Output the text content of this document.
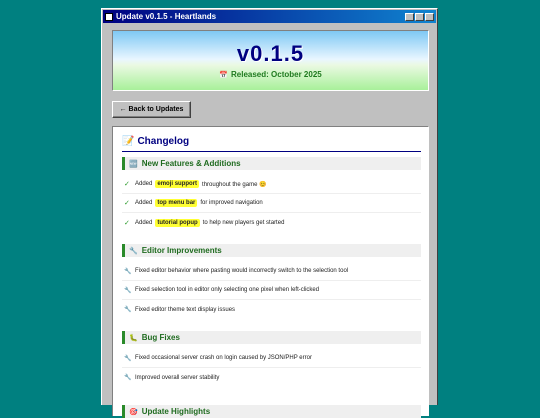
Update v0.1.5 - Heartlands
v0.1.5
📅 Released: October 2025
← Back to Updates
📝 Changelog
🆕 New Features & Additions
✓ Added emoji support throughout the game 😊
✓ Added top menu bar for improved navigation
✓ Added tutorial popup to help new players get started
🔧 Editor Improvements
🔧 Fixed editor behavior where pasting would incorrectly switch to the selection tool
🔧 Fixed selection tool in editor only selecting one pixel when left-clicked
🔧 Fixed editor theme text display issues
🐛 Bug Fixes
🔧 Fixed occasional server crash on login caused by JSON/PHP error
🔧 Improved overall server stability
🎯 Update Highlights
